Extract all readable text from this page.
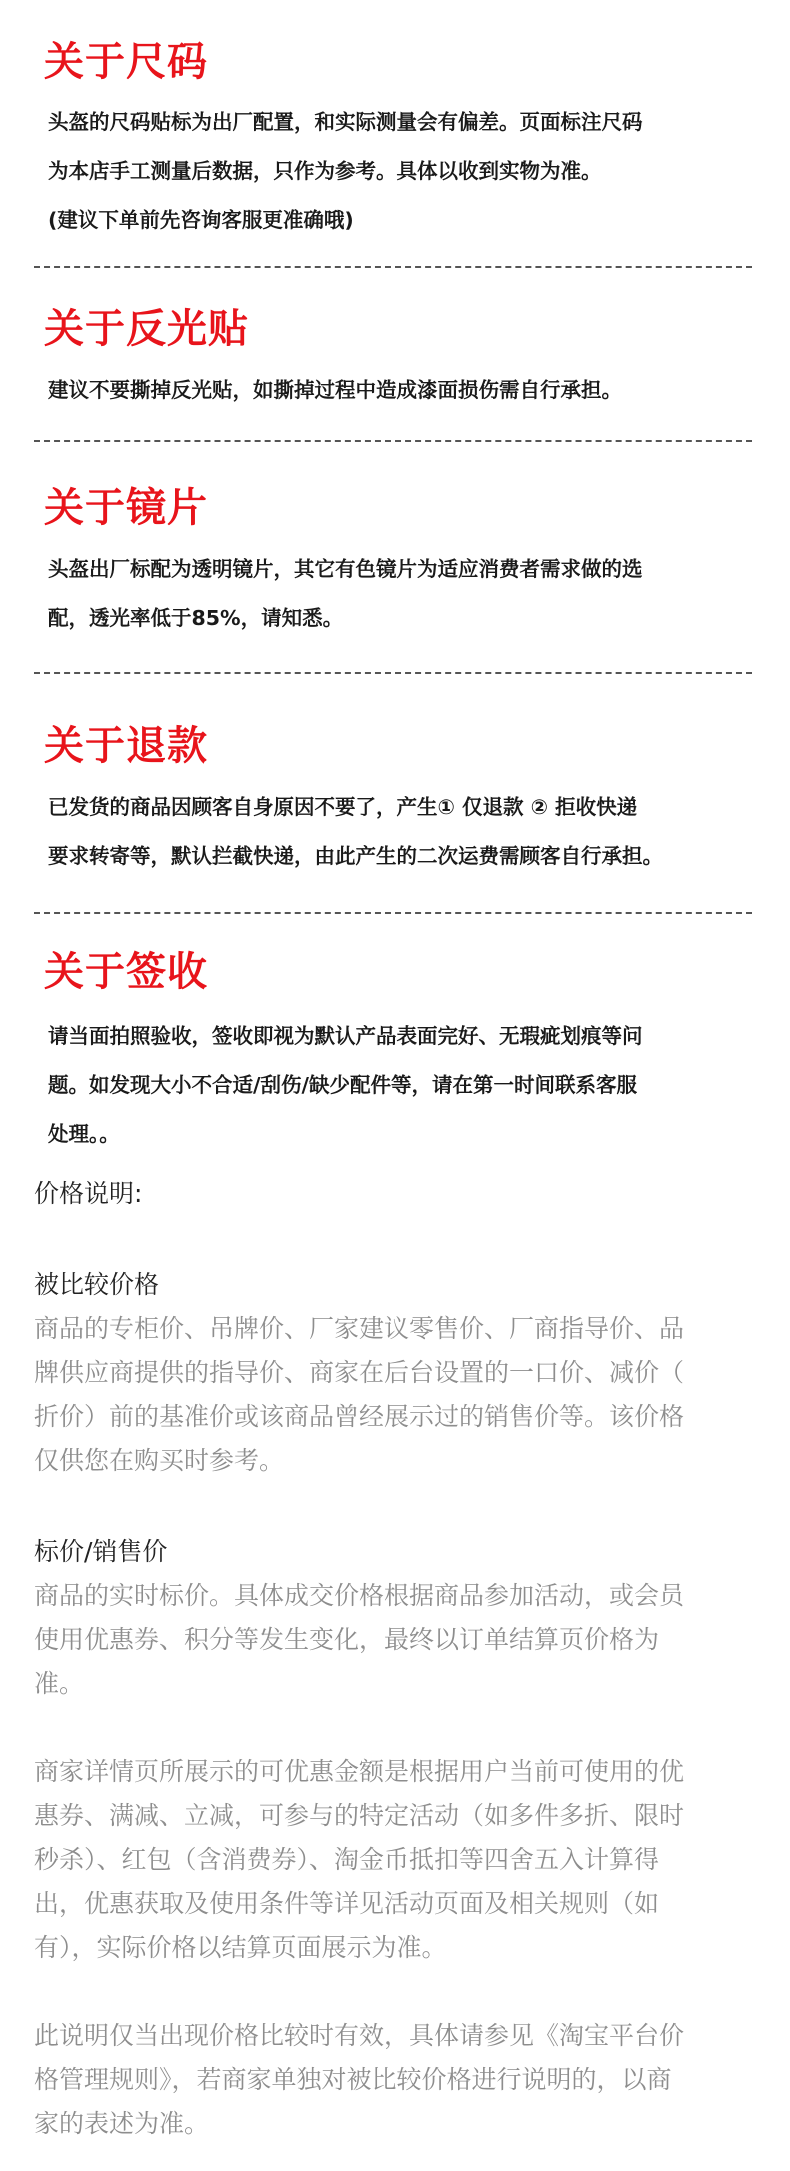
关于尺码

头盔的尺码贴标为出厂配置，和实际测量会有偏差。页面标注尺码

为本店手工测量后数据，只作为参考。具体以收到实物为准。

(建议下单前先咨询客服更准确哦)

关于反光贴

建议不要撕掉反光贴，如撕掉过程中造成漆面损伤需自行承担。

关于镜片

头盔出厂标配为透明镜片，其它有色镜片为适应消费者需求做的选

配，透光率低于85%，请知悉。

关于退款

已发货的商品因顾客自身原因不要了，产生① 仅退款 ② 拒收快递

要求转寄等，默认拦截快递，由此产生的二次运费需顾客自行承担。

关于签收

请当面拍照验收，签收即视为默认产品表面完好、无瑕疵划痕等问

题。如发现大小不合适/刮伤/缺少配件等，请在第一时间联系客服

处理。。

价格说明:

被比较价格

商品的专柜价、吊牌价、厂家建议零售价、厂商指导价、品

牌供应商提供的指导价、商家在后台设置的一口价、减价（

折价）前的基准价或该商品曾经展示过的销售价等。该价格

仅供您在购买时参考。

标价/销售价

商品的实时标价。具体成交价格根据商品参加活动，或会员

使用优惠券、积分等发生变化，最终以订单结算页价格为

准。

商家详情页所展示的可优惠金额是根据用户当前可使用的优

惠券、满减、立减，可参与的特定活动（如多件多折、限时

秒杀）、红包（含消费券）、淘金币抵扣等四舍五入计算得

出，优惠获取及使用条件等详见活动页面及相关规则（如

有），实际价格以结算页面展示为准。

此说明仅当出现价格比较时有效，具体请参见《淘宝平台价

格管理规则》，若商家单独对被比较价格进行说明的，以商

家的表述为准。
